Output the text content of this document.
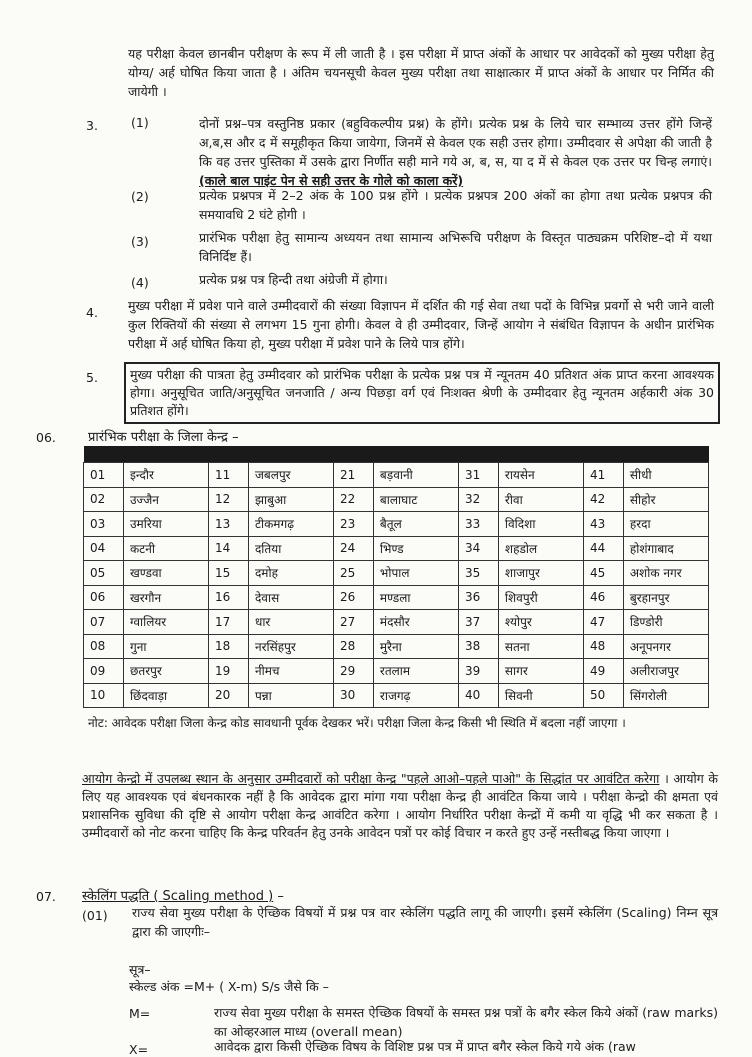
यह परीक्षा केवल छानबीन परीक्षण के रूप में ली जाती है । इस परीक्षा में प्राप्त अंकों के आधार पर आवेदकों को मुख्य परीक्षा हेतु योग्य/ अर्ह घोषित किया जाता है । अंतिम चयनसूची केवल मुख्य परीक्षा तथा साक्षात्कार में प्राप्त अंकों के आधार पर निर्मित की जायेगी ।
3.	(1)	दोनों प्रश्न–पत्र वस्तुनिष्ठ प्रकार (बहुविकल्पीय प्रश्न) के होंगे। प्रत्येक प्रश्न के लिये चार सम्भाव्य उत्तर होंगे जिन्हें अ,ब,स और द में समूहीकृत किया जायेगा, जिनमें से केवल एक सही उत्तर होगा। उम्मीदवार से अपेक्षा की जाती है कि वह उत्तर पुस्तिका में उसके द्वारा निर्णीत सही माने गये अ, ब, स, या द में से केवल एक उत्तर पर चिन्ह लगाएं। (काले बाल पाइंट पेन से सही उत्तर के गोले को काला करें)
(2)	प्रत्येक प्रश्नपत्र में 2–2 अंक के 100 प्रश्न होंगे । प्रत्येक प्रश्नपत्र 200 अंकों का होगा तथा प्रत्येक प्रश्नपत्र की समयावधि 2 घंटे होगी ।
(3)	प्रारंभिक परीक्षा हेतु सामान्य अध्ययन तथा सामान्य अभिरूचि परीक्षण के विस्तृत पाठ्यक्रम परिशिष्ट–दो में यथा विनिर्दिष्ट हैं।
(4)	प्रत्येक प्रश्न पत्र हिन्दी तथा अंग्रेजी में होगा।
4. मुख्य परीक्षा में प्रवेश पाने वाले उम्मीदवारों की संख्या विज्ञापन में दर्शित की गई सेवा तथा पदों के विभिन्न प्रवर्गो से भरी जाने वाली कुल रिक्तियों की संख्या से लगभग 15 गुना होगी। केवल वे ही उम्मीदवार, जिन्हें आयोग ने संबंधित विज्ञापन के अधीन प्रारंभिक परीक्षा में अर्ह घोषित किया हो, मुख्य परीक्षा में प्रवेश पाने के लिये पात्र होंगे।
5.	मुख्य परीक्षा की पात्रता हेतु उम्मीदवार को प्रारंभिक परीक्षा के प्रत्येक प्रश्न पत्र में न्यूनतम 40 प्रतिशत अंक प्राप्त करना आवश्यक होगा। अनुसूचित जाति/अनुसूचित जनजाति / अन्य पिछड़ा वर्ग एवं निःशक्त श्रेणी के उम्मीदवार हेतु न्यूनतम अर्हकारी अंक 30 प्रतिशत होंगे।
06. प्रारंभिक परीक्षा के जिला केन्द्र –

01	इन्दौर	11	जबलपुर	21	बड़वानी	31	रायसेन	41	सीधी
02	उज्जैन	12	झाबुआ	22	बालाघाट	32	रीवा	42	सीहोर
03	उमरिया	13	टीकमगढ़	23	बैतूल	33	विदिशा	43	हरदा
04	कटनी	14	दतिया	24	भिण्ड	34	शहडोल	44	होशंगाबाद
05	खण्डवा	15	दमोह	25	भोपाल	35	शाजापुर	45	अशोक नगर
06	खरगौन	16	देवास	26	मण्डला	36	शिवपुरी	46	बुरहानपुर
07	ग्वालियर	17	धार	27	मंदसौर	37	श्योपुर	47	डिण्डोरी
08	गुना	18	नरसिंहपुर	28	मुरैना	38	सतना	48	अनूपनगर
09	छतरपुर	19	नीमच	29	रतलाम	39	सागर	49	अलीराजपुर
10	छिंदवाड़ा	20	पन्ना	30	राजगढ़	40	सिवनी	50	सिंगरोली
नोट: आवेदक परीक्षा जिला केन्द्र कोड सावधानी पूर्वक देखकर भरें। परीक्षा जिला केन्द्र किसी भी स्थिति में बदला नहीं जाएगा ।
आयोग केन्द्रो में उपलब्ध स्थान के अनुसार उम्मीदवारों को परीक्षा केन्द्र "पहले आओ–पहले पाओ" के सिद्धांत पर आवंटित करेगा । आयोग के लिए यह आवश्यक एवं बंधनकारक नहीं है कि आवेदक द्वारा मांगा गया परीक्षा केन्द्र ही आवंटित किया जाये । परीक्षा केन्द्रो की क्षमता एवं प्रशासनिक सुविधा की दृष्टि से आयोग परीक्षा केन्द्र आवंटित करेगा । आयोग निर्धारित परीक्षा केन्द्रों में कमी या वृद्धि भी कर सकता है । उम्मीदवारों को नोट करना चाहिए कि केन्द्र परिवर्तन हेतु उनके आवेदन पत्रों पर कोई विचार न करते हुए उन्हें नस्तीबद्ध किया जाएगा ।
07. स्केलिंग पद्धति ( Scaling method ) –
(01) राज्य सेवा मुख्य परीक्षा के ऐच्छिक विषयों में प्रश्न पत्र वार स्केलिंग पद्धति लागू की जाएगी। इसमें स्केलिंग (Scaling) निम्न सूत्र द्वारा की जाएगीः–
सूत्र–
स्केल्ड अंक =M+ ( X-m) S/s जैसे कि –
M=	राज्य सेवा मुख्य परीक्षा के समस्त ऐच्छिक विषयों के समस्त प्रश्न पत्रों के बगैर स्केल किये अंकों (raw marks) का ओव्हरआल माध्य (overall mean)
X=	आवेदक द्वारा किसी ऐच्छिक विषय के विशिष्ट प्रश्न पत्र में प्राप्त बगैर स्केल किये गये अंक (raw
